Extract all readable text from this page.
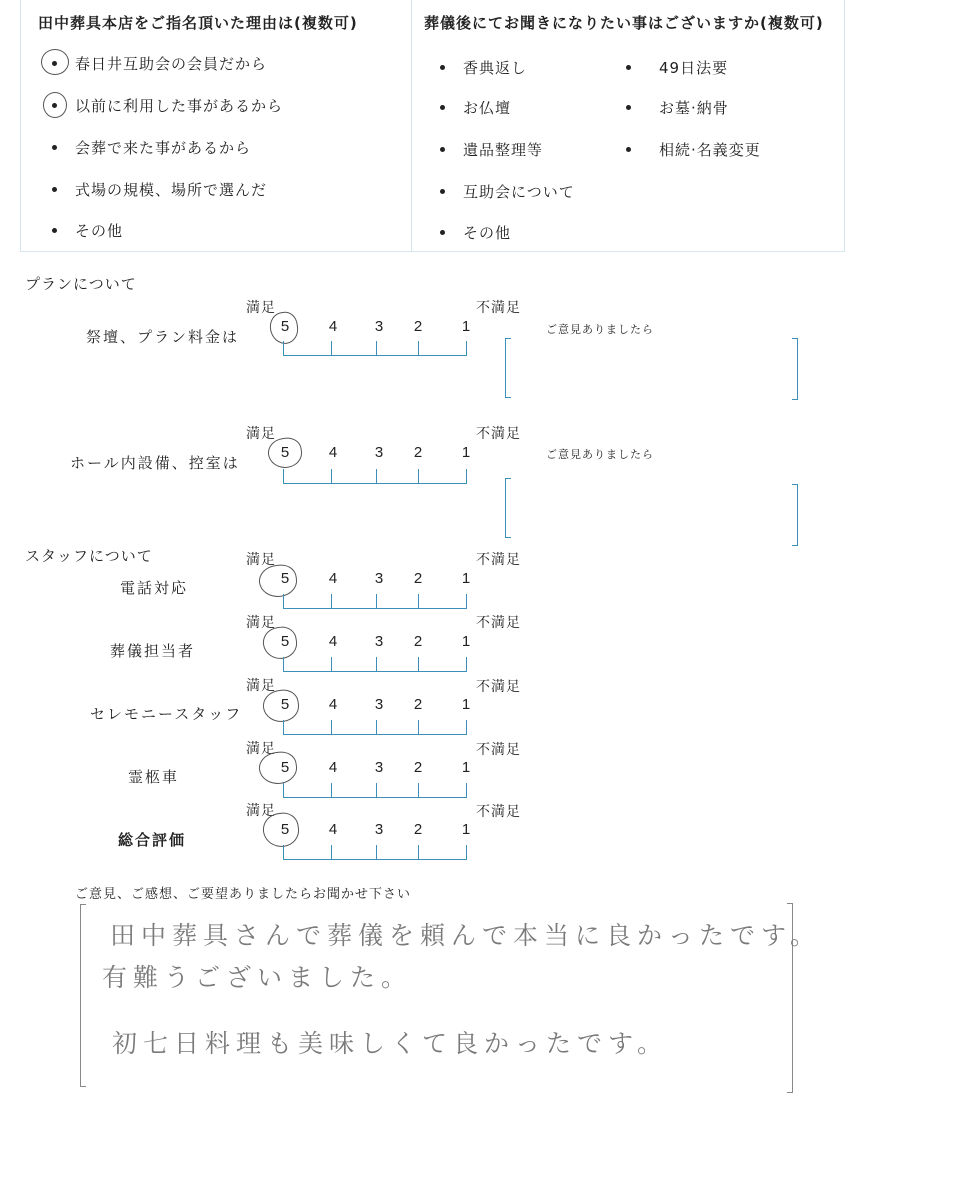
田中葬具本店をご指名頂いた理由は(複数可)
春日井互助会の会員だから
以前に利用した事があるから
会葬で来た事があるから
式場の規模、場所で選んだ
その他
葬儀後にてお聞きになりたい事はございますか(複数可)
香典返し
お仏壇
遺品整理等
互助会について
その他
49日法要
お墓·納骨
相続·名義変更
プランについて
満足	不満足
祭壇、プラン料金は
5	4	3	2	1	ご意見ありましたら
満足	不満足
ホール内設備、控室は
5	4	3	2	1	ご意見ありましたら
スタッフについて	満足	不満足
電話対応
5	4	3	2	1
満足	不満足
葬儀担当者
5	4	3	2	1
満足	不満足
セレモニースタッフ
5	4	3	2	1
満足	不満足
霊柩車
5	4	3	2	1
満足	不満足
総合評価
5	4	3	2	1
ご意見、ご感想、ご要望ありましたらお聞かせ下さい
田中葬具さんで葬儀を頼んで本当に良かったです。
有難うございました。
初七日料理も美味しくて良かったです。
